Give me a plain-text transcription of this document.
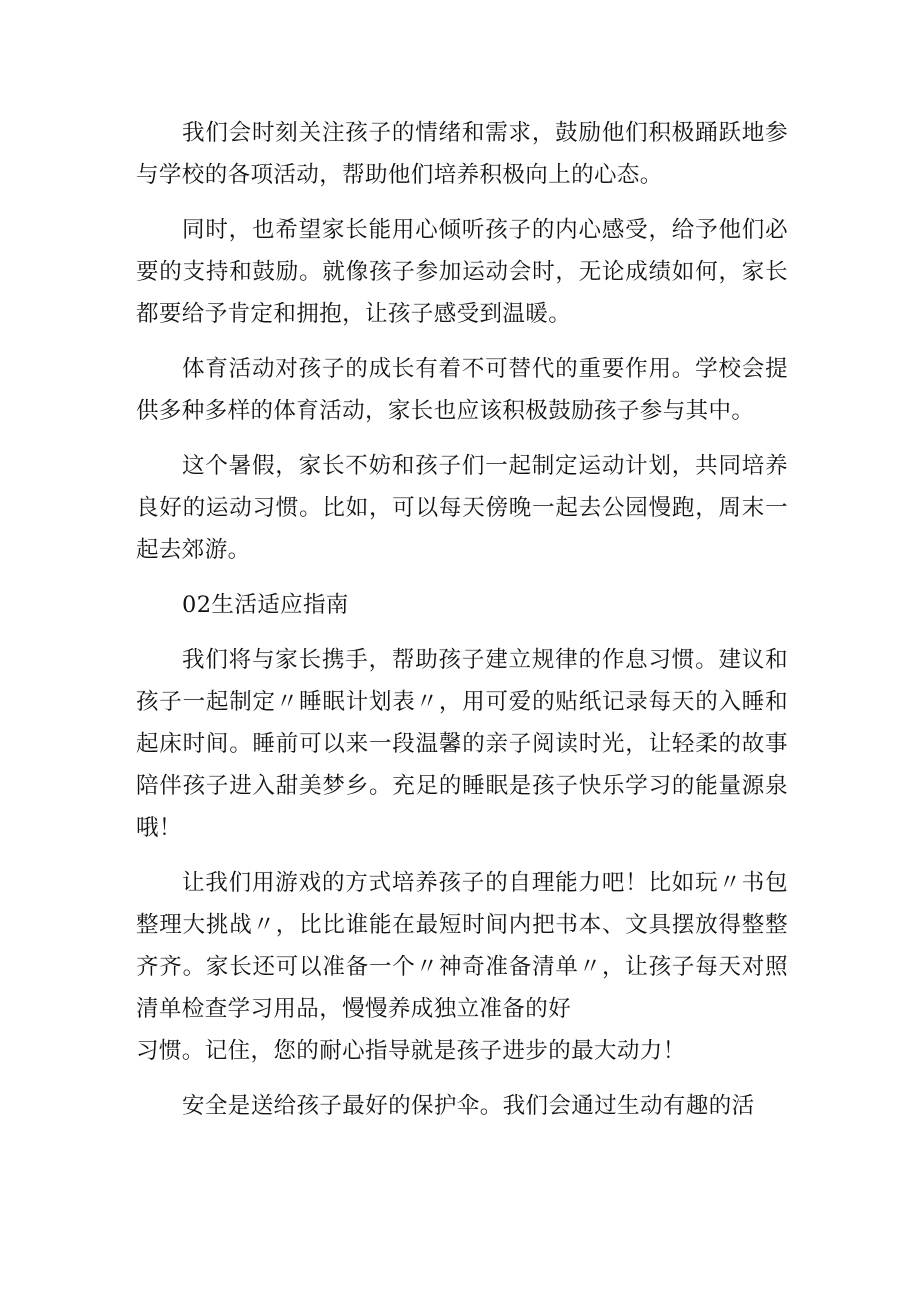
我们会时刻关注孩子的情绪和需求，鼓励他们积极踊跃地参与学校的各项活动，帮助他们培养积极向上的心态。

同时，也希望家长能用心倾听孩子的内心感受，给予他们必要的支持和鼓励。就像孩子参加运动会时，无论成绩如何，家长都要给予肯定和拥抱，让孩子感受到温暖。

体育活动对孩子的成长有着不可替代的重要作用。学校会提供多种多样的体育活动，家长也应该积极鼓励孩子参与其中。

这个暑假，家长不妨和孩子们一起制定运动计划，共同培养良好的运动习惯。比如，可以每天傍晚一起去公园慢跑，周末一起去郊游。

02生活适应指南

我们将与家长携手，帮助孩子建立规律的作息习惯。建议和孩子一起制定〃睡眠计划表〃，用可爱的贴纸记录每天的入睡和起床时间。睡前可以来一段温馨的亲子阅读时光，让轻柔的故事陪伴孩子进入甜美梦乡。充足的睡眠是孩子快乐学习的能量源泉哦！

让我们用游戏的方式培养孩子的自理能力吧！比如玩〃书包整理大挑战〃，比比谁能在最短时间内把书本、文具摆放得整整齐齐。家长还可以准备一个〃神奇准备清单〃，让孩子每天对照清单检查学习用品，慢慢养成独立准备的好

习惯。记住，您的耐心指导就是孩子进步的最大动力！

安全是送给孩子最好的保护伞。我们会通过生动有趣的活
